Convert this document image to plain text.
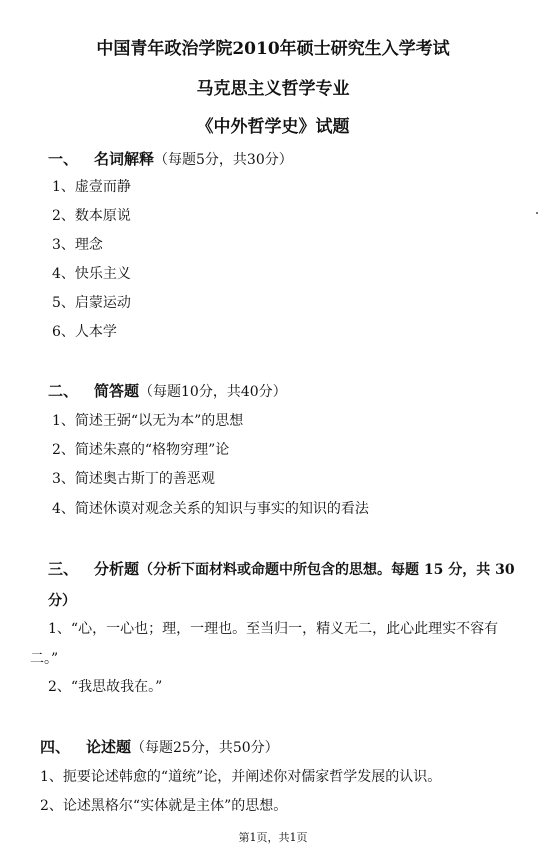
中国青年政治学院2010年硕士研究生入学考试
马克思主义哲学专业
《中外哲学史》试题
一、 名词解释（每题5分，共30分）
1、虚壹而静
2、数本原说
3、理念
4、快乐主义
5、启蒙运动
6、人本学
二、 简答题（每题10分，共40分）
1、简述王弼“以无为本”的思想
2、简述朱熹的“格物穷理”论
3、简述奥古斯丁的善恶观
4、简述休谟对观念关系的知识与事实的知识的看法
三、 分析题（分析下面材料或命题中所包含的思想。每题 15 分，共 30分）
1、“心，一心也；理，一理也。至当归一，精义无二，此心此理实不容有二。”
2、“我思故我在。”
四、 论述题（每题25分，共50分）
1、扼要论述韩愈的“道统”论，并阐述你对儒家哲学发展的认识。
2、论述黑格尔“实体就是主体”的思想。
第1页，共1页
